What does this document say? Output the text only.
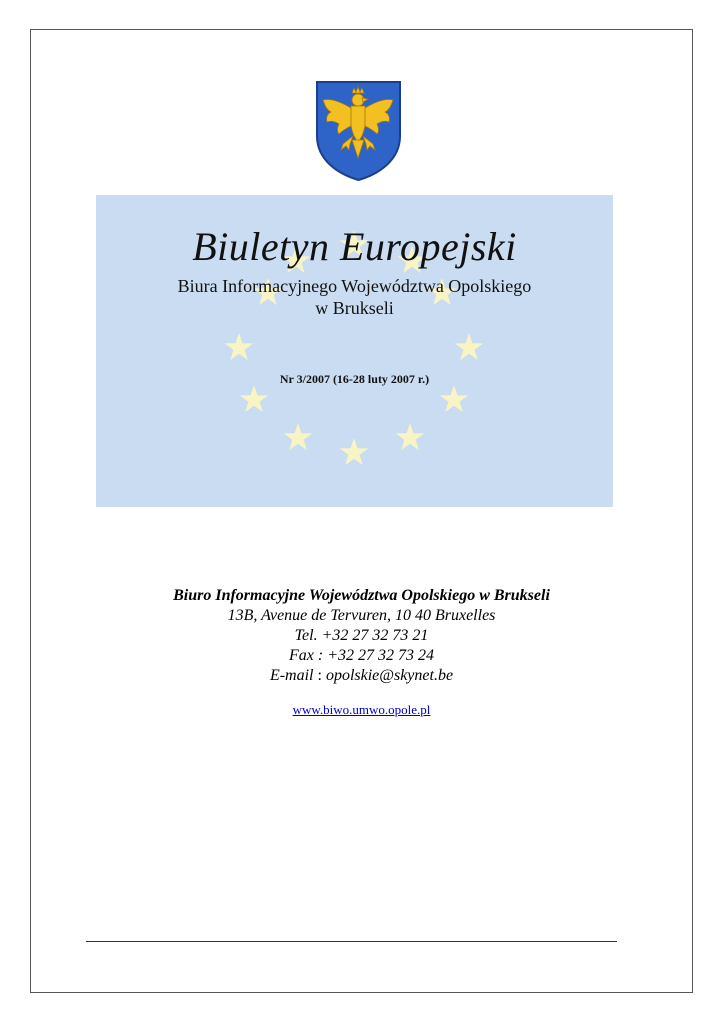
Biuletyn Europejski
Biura Informacyjnego Województwa Opolskiego
w Brukseli
Nr 3/2007 (16-28 luty 2007 r.)
Biuro Informacyjne Województwa Opolskiego w Brukseli
13B, Avenue de Tervuren, 10 40 Bruxelles
Tel. +32 27 32 73 21
Fax : +32 27 32 73 24
E-mail : opolskie@skynet.be
www.biwo.umwo.opole.pl
